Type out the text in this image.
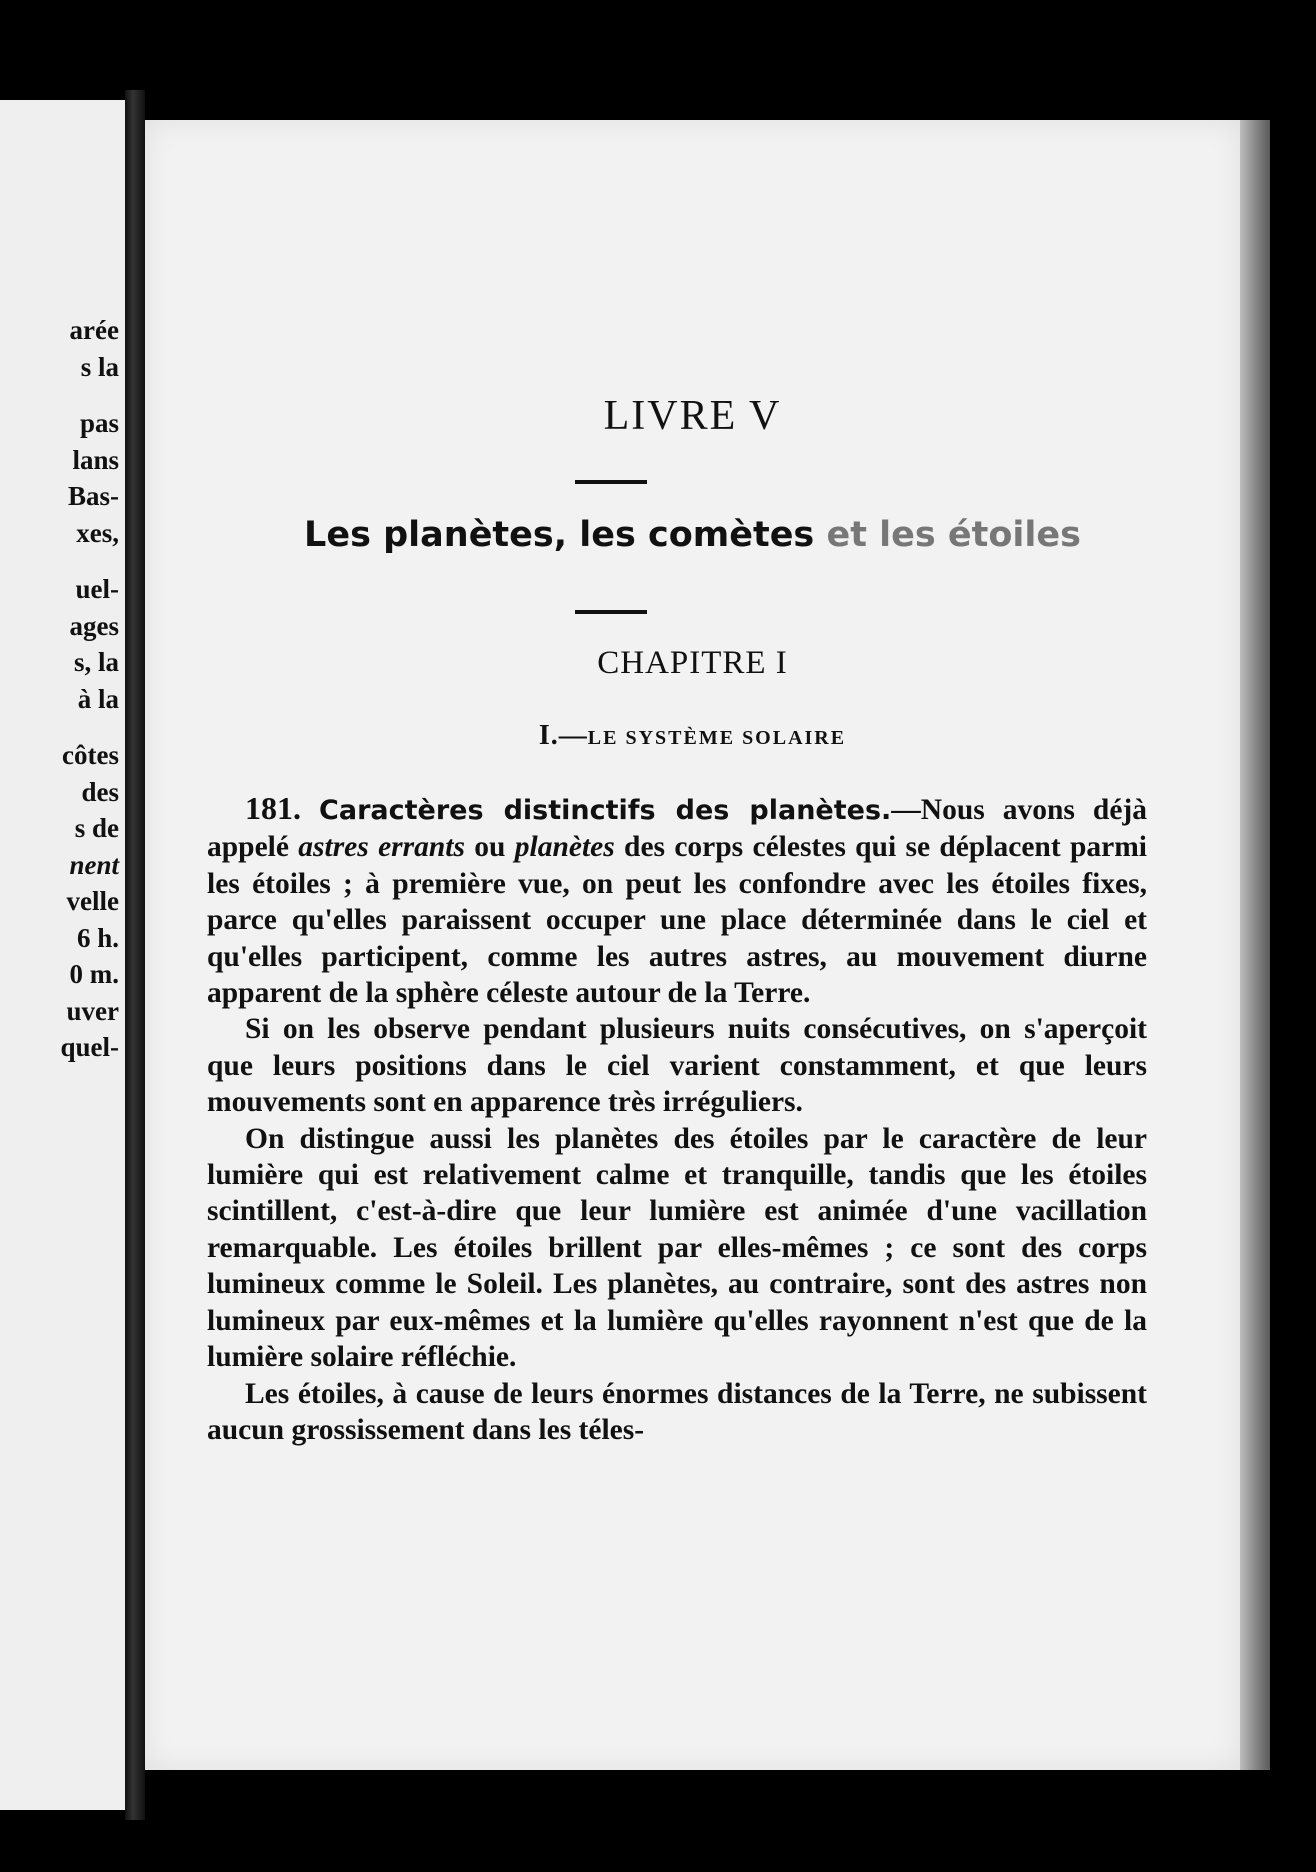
arée
s la
pas
lans
Bas-
xes,
uel-
ages
s, la
à la
côtes
des
s de
nent
velle
6 h.
0 m.
uver
quel-
LIVRE V
Les planètes, les comètes et les étoiles
CHAPITRE I
I.—LE SYSTÈME SOLAIRE

181. Caractères distinctifs des planètes.—Nous avons déjà appelé astres errants ou planètes des corps célestes qui se déplacent parmi les étoiles ; à première vue, on peut les confondre avec les étoiles fixes, parce qu'elles paraissent occuper une place déterminée dans le ciel et qu'elles participent, comme les autres astres, au mouvement diurne apparent de la sphère céleste autour de la Terre.

Si on les observe pendant plusieurs nuits consécutives, on s'aperçoit que leurs positions dans le ciel varient constamment, et que leurs mouvements sont en apparence très irréguliers.

On distingue aussi les planètes des étoiles par le caractère de leur lumière qui est relativement calme et tranquille, tandis que les étoiles scintillent, c'est-à-dire que leur lumière est animée d'une vacillation remarquable. Les étoiles brillent par elles-mêmes ; ce sont des corps lumineux comme le Soleil. Les planètes, au contraire, sont des astres non lumineux par eux-mêmes et la lumière qu'elles rayonnent n'est que de la lumière solaire réfléchie.

Les étoiles, à cause de leurs énormes distances de la Terre, ne subissent aucun grossissement dans les téles-
